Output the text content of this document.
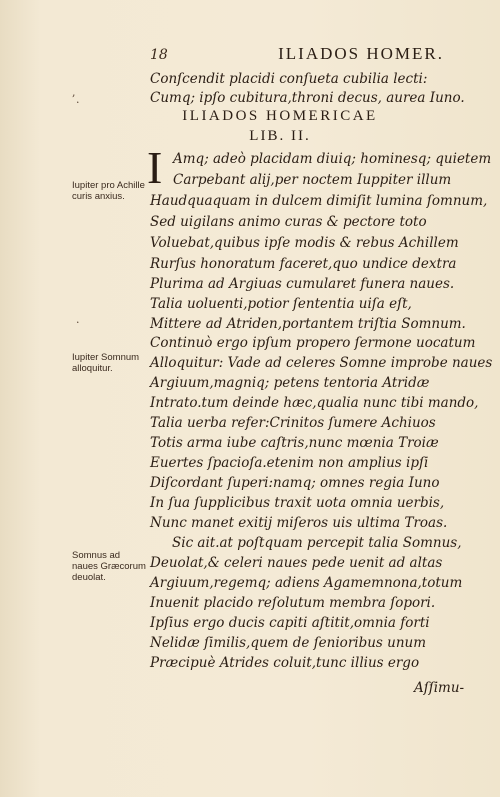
18	ILIADOS HOMER.
,
·
Conſcendit placidi conſueta cubilia lecti:
Cumq; ipſo cubitura,throni decus, aurea Iuno.
ILIADOS HOMERICAE
LIB. II.
I Amq; adeò placidam diuiq; hominesq; quietem
Carpebant alij,per noctem Iuppiter illum
Iupiter pro Achille curis anxius.	Haudquaquam in dulcem dimiſit lumina ſomnum,
Sed uigilans animo curas & pectore toto
Voluebat,quibus ipſe modis & rebus Achillem
Rurſus honoratum faceret,quo undice dextra
Plurima ad Argiuas cumularet funera naues.
Talia uoluenti,potior ſententia uiſa eſt,
Mittere ad Atriden,portantem triſtia Somnum.
·
Continuò ergo ipſum propero ſermone uocatum
Iupiter Somnum alloquitur.	Alloquitur: Vade ad celeres Somne improbe naues
Argiuum,magniq; petens tentoria Atridæ
Intrato.tum deinde hæc,qualia nunc tibi mando,
Talia uerba refer:Crinitos ſumere Achiuos
Totis arma iube caſtris,nunc mœnia Troiæ
Euertes ſpacioſa.etenim non amplius ipſi
Diſcordant ſuperi:namq; omnes regia Iuno
In ſua ſupplicibus traxit uota omnia uerbis,
Nunc manet exitij miſeros uis ultima Troas.
Sic ait.at poſtquam percepit talia Somnus,
Somnus ad naues Græcorum deuolat.
Deuolat,& celeri naues pede uenit ad altas
Argiuum,regemq; adiens Agamemnona,totum
Inuenit placido reſolutum membra ſopori.
Ipſius ergo ducis capiti aſtitit,omnia forti
Nelidæ ſimilis,quem de ſenioribus unum
Præcipuè Atrides coluit,tunc illius ergo
Aſſimu-
